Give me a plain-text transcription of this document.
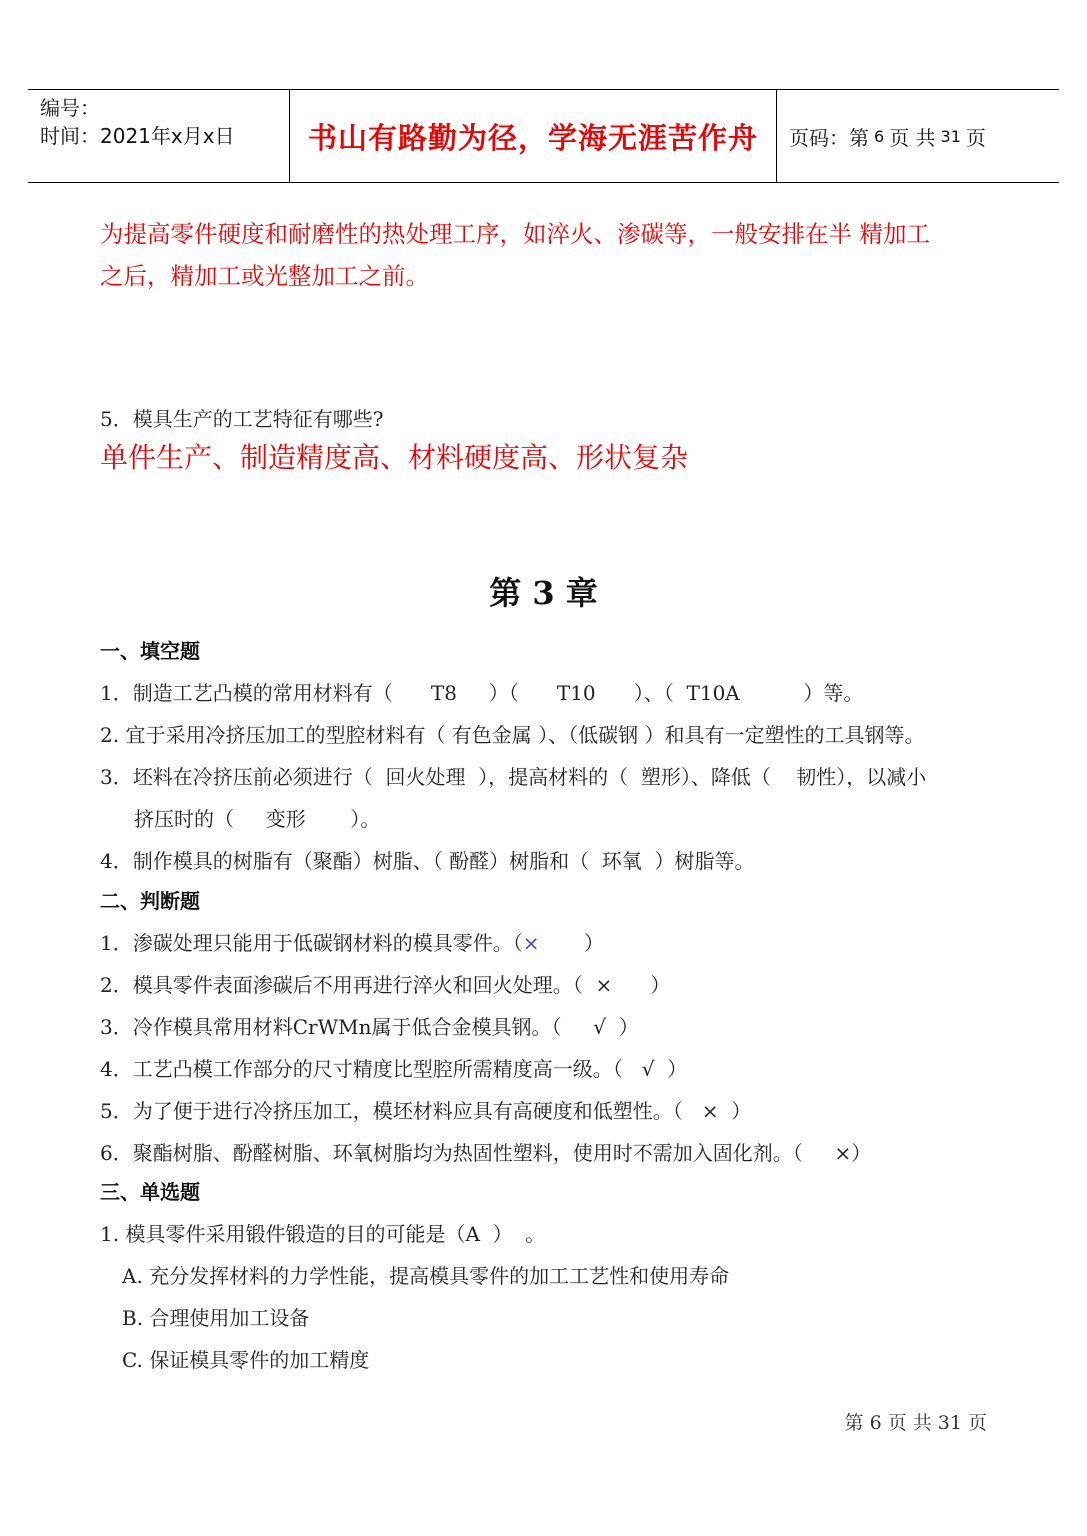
编号：
时间：2021年x月x日	书山有路勤为径，学海无涯苦作舟	页码：第 6 页 共 31 页
为提高零件硬度和耐磨性的热处理工序，如淬火、渗碳等，一般安排在半 精加工
之后，精加工或光整加工之前。
5．模具生产的工艺特征有哪些?
单件生产、制造精度高、材料硬度高、形状复杂
第 3 章
一、填空题
1．制造工艺凸模的常用材料有（      T8     ）（      T10      ）、（  T10A          ）等。
2. 宜于采用冷挤压加工的型腔材料有（ 有色金属 ）、（低碳钢 ）和具有一定塑性的工具钢等。
3．坯料在冷挤压前必须进行（  回火处理  ），提高材料的（  塑形）、降低（    韧性），以减小
挤压时的（     变形       ）。
4．制作模具的树脂有（聚酯）树脂、（ 酚醛）树脂和（  环氧  ）树脂等。
二、判断题
1．渗碳处理只能用于低碳钢材料的模具零件。（×       ）
2．模具零件表面渗碳后不用再进行淬火和回火处理。（  ×      ）
3．冷作模具常用材料CrWMn属于低合金模具钢。（     √  ）
4．工艺凸模工作部分的尺寸精度比型腔所需精度高一级。（   √  ）
5．为了便于进行冷挤压加工，模坯材料应具有高硬度和低塑性。（   ×  ）
6．聚酯树脂、酚醛树脂、环氧树脂均为热固性塑料，使用时不需加入固化剂。（     ×）
三、单选题
1. 模具零件采用锻件锻造的目的可能是（A  ）  。
A. 充分发挥材料的力学性能，提高模具零件的加工工艺性和使用寿命
B. 合理使用加工设备
C. 保证模具零件的加工精度
第 6 页 共 31 页
